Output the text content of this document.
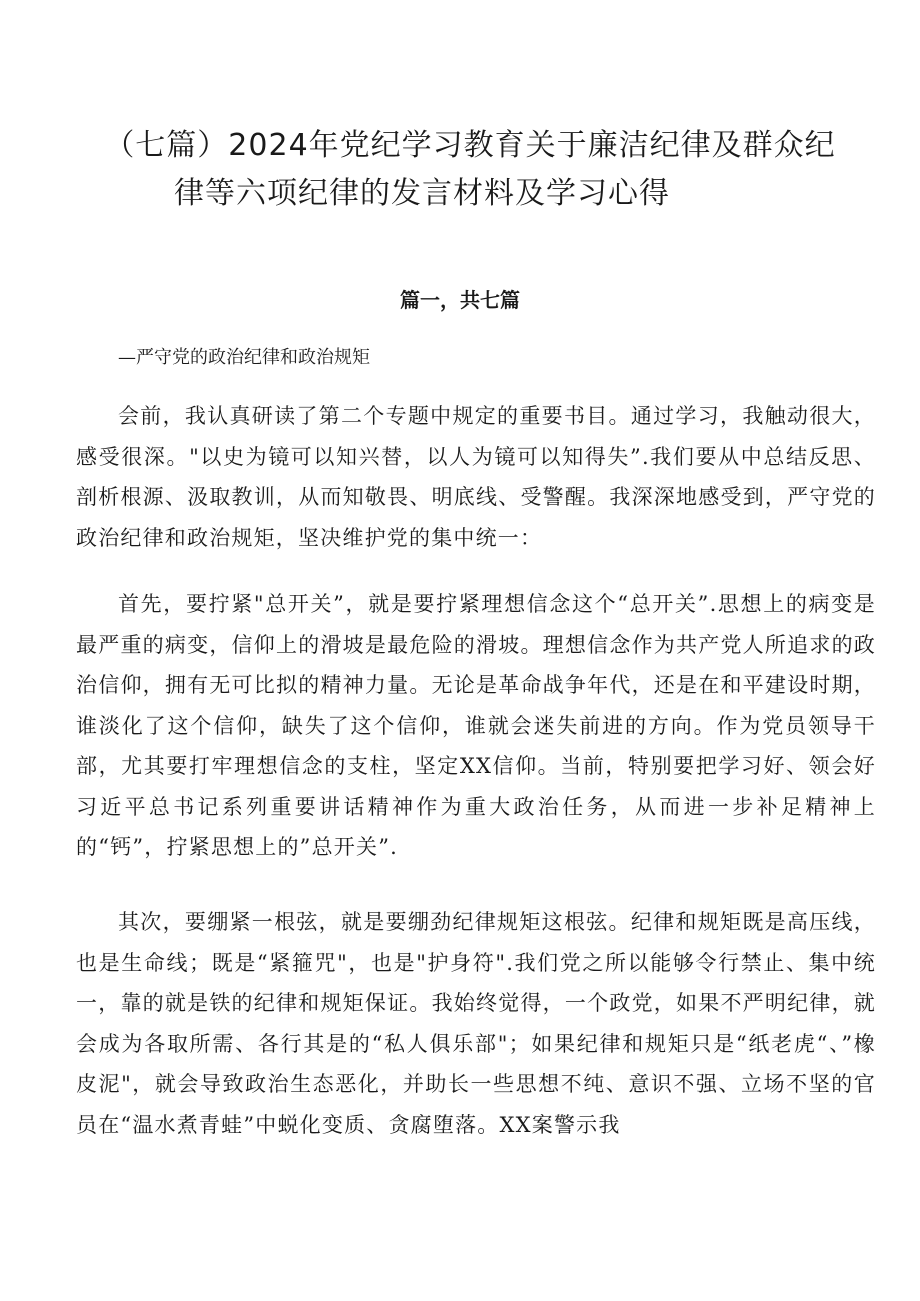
（七篇）2024年党纪学习教育关于廉洁纪律及群众纪
律等六项纪律的发言材料及学习心得
篇一，共七篇

—严守党的政治纪律和政治规矩

会前，我认真研读了第二个专题中规定的重要书目。通过学习，我触动很大，感受很深。"以史为镜可以知兴替，以人为镜可以知得失”.我们要从中总结反思、剖析根源、汲取教训，从而知敬畏、明底线、受警醒。我深深地感受到，严守党的政治纪律和政治规矩，坚决维护党的集中统一：

首先，要拧紧"总开关”，就是要拧紧理想信念这个“总开关”.思想上的病变是最严重的病变，信仰上的滑坡是最危险的滑坡。理想信念作为共产党人所追求的政治信仰，拥有无可比拟的精神力量。无论是革命战争年代，还是在和平建设时期，谁淡化了这个信仰，缺失了这个信仰，谁就会迷失前进的方向。作为党员领导干部，尤其要打牢理想信念的支柱，坚定XX信仰。当前，特别要把学习好、领会好习近平总书记系列重要讲话精神作为重大政治任务，从而进一步补足精神上的“钙”，拧紧思想上的”总开关”.

其次，要绷紧一根弦，就是要绷劲纪律规矩这根弦。纪律和规矩既是高压线，也是生命线；既是“紧箍咒"，也是"护身符".我们党之所以能够令行禁止、集中统一，靠的就是铁的纪律和规矩保证。我始终觉得，一个政党，如果不严明纪律，就会成为各取所需、各行其是的“私人俱乐部"；如果纪律和规矩只是“纸老虎“、”橡皮泥"，就会导致政治生态恶化，并助长一些思想不纯、意识不强、立场不坚的官员在“温水煮青蛙”中蜕化变质、贪腐堕落。XX案警示我
